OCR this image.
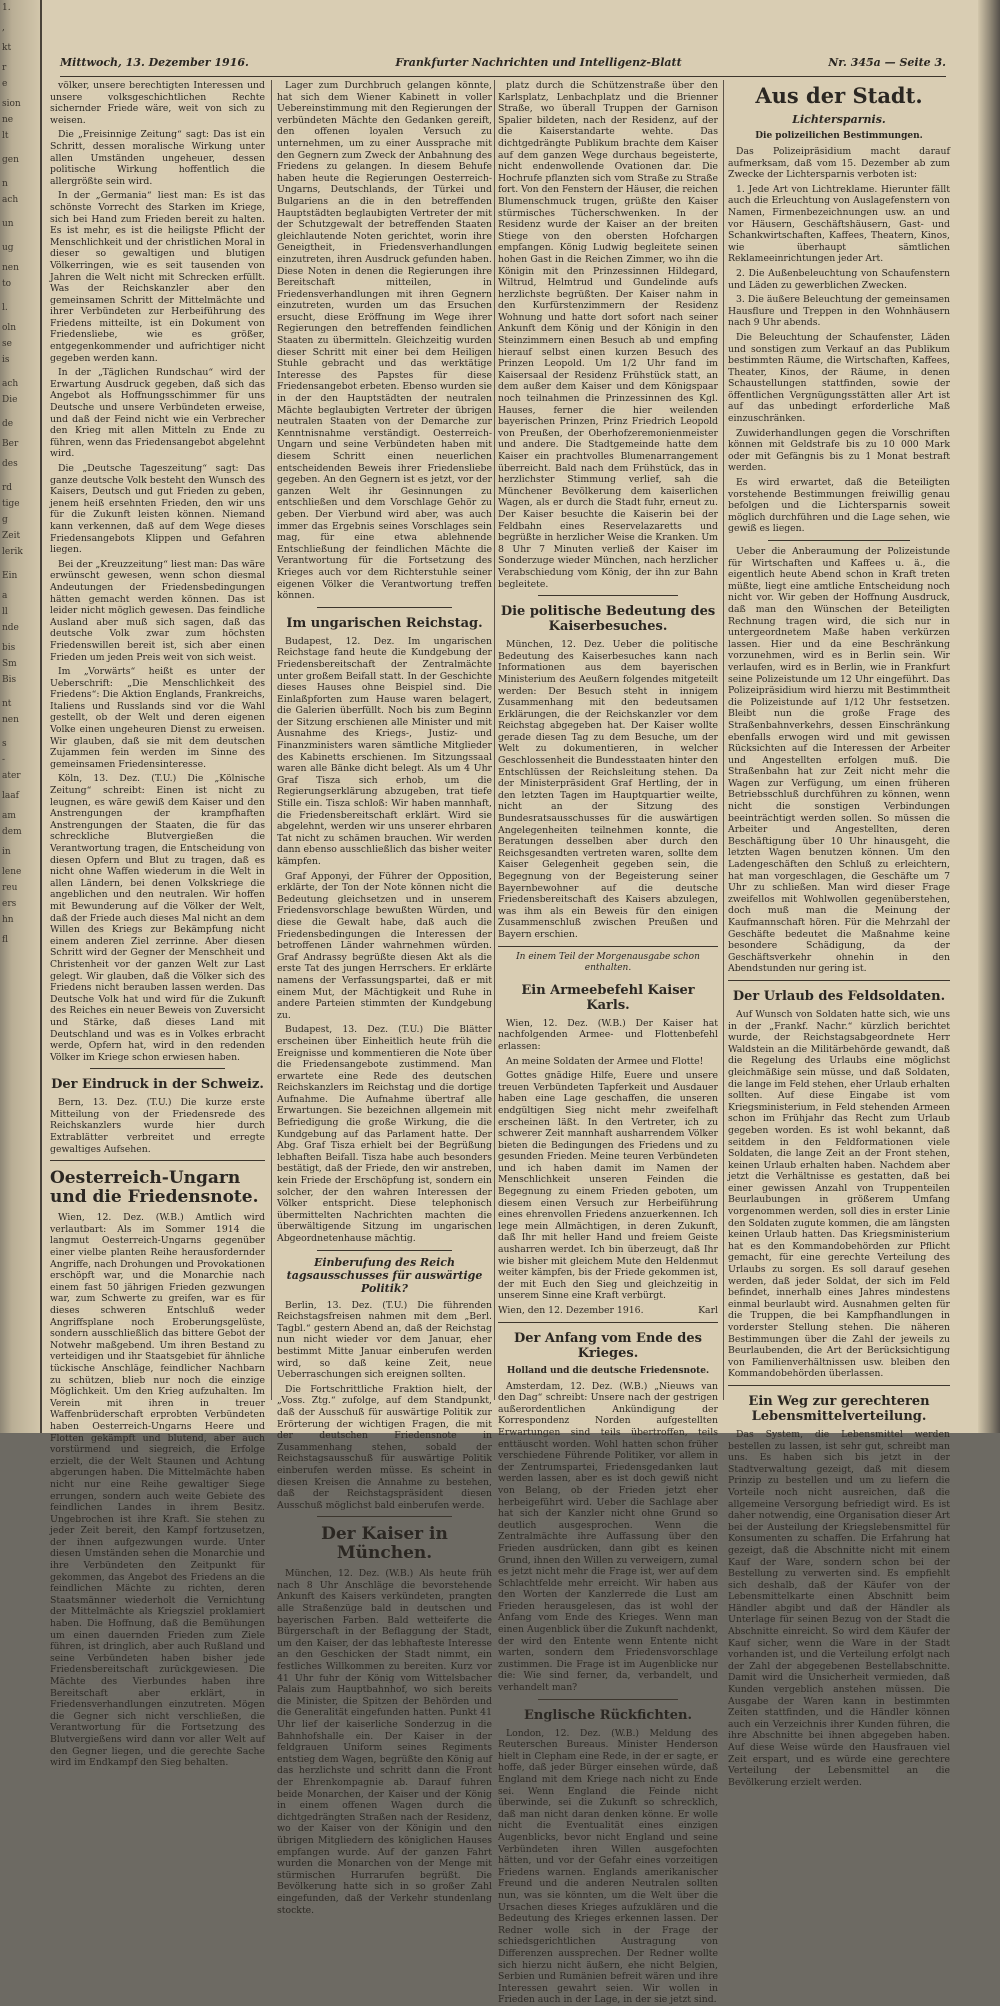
1.
,
kt
r
e
sion
ne
lt
gen
n
ach
un
ug
nen
to
l.
oln
se
is
ach
Die
de
Ber
des
rd
tige
g
Zeit
lerik
Ein
a
ll
nde
bis
Sm
Bis
nt
nen
s
-
ater
laaf
am
dem
in
lene
reu
ers
hn
fl
Mittwoch, 13. Dezember 1916.	Frankfurter Nachrichten und Intelligenz-Blatt	Nr. 345a — Seite 3.

völker, unsere berechtigten Interessen und unsere volksgeschichtlichen Rechte sichernder Friede wäre, weit von sich zu weisen.

Die „Freisinnige Zeitung“ sagt: Das ist ein Schritt, dessen moralische Wirkung unter allen Umständen ungeheuer, dessen politische Wirkung hoffentlich die allergrößte sein wird.

In der „Germania“ liest man: Es ist das schönste Vorrecht des Starken im Kriege, sich bei Hand zum Frieden bereit zu halten. Es ist mehr, es ist die heiligste Pflicht der Menschlichkeit und der christlichen Moral in dieser so gewaltigen und blutigen Völkerringen, wie es seit tausenden von Jahren die Welt nicht mit Schrecken erfüllt. Was der Reichskanzler aber den gemeinsamen Schritt der Mittelmächte und ihrer Verbündeten zur Herbeiführung des Friedens mitteilte, ist ein Dokument von Friedensliebe, wie es größer, entgegenkommender und aufrichtiger nicht gegeben werden kann.

In der „Täglichen Rundschau“ wird der Erwartung Ausdruck gegeben, daß sich das Angebot als Hoffnungsschimmer für uns Deutsche und unsere Verbündeten erweise, und daß der Feind nicht wie ein Verbrecher den Krieg mit allen Mitteln zu Ende zu führen, wenn das Friedensangebot abgelehnt wird.

Die „Deutsche Tageszeitung“ sagt: Das ganze deutsche Volk besteht den Wunsch des Kaisers, Deutsch und gut Frieden zu geben, jenem heiß ersehnten Frieden, den wir uns für die Zukunft leisten können. Niemand kann verkennen, daß auf dem Wege dieses Friedensangebots Klippen und Gefahren liegen.

Bei der „Kreuzzeitung“ liest man: Das wäre erwünscht gewesen, wenn schon diesmal Andeutungen der Friedensbedingungen hätten gemacht werden können. Das ist leider nicht möglich gewesen. Das feindliche Ausland aber muß sich sagen, daß das deutsche Volk zwar zum höchsten Friedenswillen bereit ist, sich aber einen Frieden um jeden Preis weit von sich weist.

Im „Vorwärts“ heißt es unter der Ueberschrift: „Die Menschlichkeit des Friedens“: Die Aktion Englands, Frankreichs, Italiens und Russlands sind vor die Wahl gestellt, ob der Welt und deren eigenen Volke einen ungeheuren Dienst zu erweisen. Wir glauben, daß sie mit dem deutschen Zujammen fein werden im Sinne des gemeinsamen Friedensinteresse.

Köln, 13. Dez. (T.U.) Die „Kölnische Zeitung“ schreibt: Einen ist nicht zu leugnen, es wäre gewiß dem Kaiser und den Anstrengungen der krampfhaften Anstrengungen der Staaten, die für das schreckliche Blutvergießen die Verantwortung tragen, die Entscheidung von diesen Opfern und Blut zu tragen, daß es nicht ohne Waffen wiederum in die Welt in allen Ländern, bei denen Volkskriege die angeblichen und den neutralen. Wir hoffen mit Bewunderung auf die Völker der Welt, daß der Friede auch dieses Mal nicht an dem Willen des Kriegs zur Bekämpfung nicht einem anderen Ziel zerrinne. Aber diesen Schritt wird der Gegner der Menschheit und Christenheit vor der ganzen Welt zur Last gelegt. Wir glauben, daß die Völker sich des Friedens nicht berauben lassen werden. Das Deutsche Volk hat und wird für die Zukunft des Reiches ein neuer Beweis von Zuversicht und Stärke, daß dieses Land mit Deutschland und was es in Volkes erbracht werde, Opfern hat, wird in den redenden Völker im Kriege schon erwiesen haben.

Der Eindruck in der Schweiz.

Bern, 13. Dez. (T.U.) Die kurze erste Mitteilung von der Friedensrede des Reichskanzlers wurde hier durch Extrablätter verbreitet und erregte gewaltiges Aufsehen.

Oesterreich-Ungarn und die Friedensnote.

Wien, 12. Dez. (W.B.) Amtlich wird verlautbart: Als im Sommer 1914 die langmut Oesterreich-Ungarns gegenüber einer vielbe planten Reihe herausfordernder Angriffe, nach Drohungen und Provokationen erschöpft war, und die Monarchie nach einem fast 50 jährigen Frieden gezwungen war, zum Schwerte zu greifen, war es für dieses schweren Entschluß weder Angriffsplane noch Eroberungsgelüste, sondern ausschließlich das bittere Gebot der Notwehr maßgebend. Um ihren Bestand zu verteidigen und ihr Staatsgebiet für ähnliche tückische Anschläge, feindlicher Nachbarn zu schützen, blieb nur noch die einzige Möglichkeit. Um den Krieg aufzuhalten. Im Verein mit ihren in treuer Waffenbrüderschaft erprobten Verbündeten haben Oesterreich-Ungarns Heere und Flotten gekämpft und blutend, aber auch vorstürmend und siegreich, die Erfolge erzielt, die der Welt Staunen und Achtung abgerungen haben. Die Mittelmächte haben nicht nur eine Reihe gewaltiger Siege errungen, sondern auch weite Gebiete des feindlichen Landes in ihrem Besitz. Ungebrochen ist ihre Kraft. Sie stehen zu jeder Zeit bereit, den Kampf fortzusetzen, der ihnen aufgezwungen wurde. Unter diesen Umständen sehen die Monarchie und ihre Verbündeten den Zeitpunkt für gekommen, das Angebot des Friedens an die feindlichen Mächte zu richten, deren Staatsmänner wiederholt die Vernichtung der Mittelmächte als Kriegsziel proklamiert haben. Die Hoffnung, daß die Bemühungen um einen dauernden Frieden zum Ziele führen, ist dringlich, aber auch Rußland und seine Verbündeten haben bisher jede Friedensbereitschaft zurückgewiesen. Die Mächte des Vierbundes haben ihre Bereitschaft aber erklärt, in Friedensverhandlungen einzutreten. Mögen die Gegner sich nicht verschließen, die Verantwortung für die Fortsetzung des Blutvergießens wird dann vor aller Welt auf den Gegner liegen, und die gerechte Sache wird im Endkampf den Sieg behalten.

Lager zum Durchbruch gelangen könnte, hat sich dem Wiener Kabinett in voller Uebereinstimmung mit den Regierungen der verbündeten Mächte den Gedanken gereift, den offenen loyalen Versuch zu unternehmen, um zu einer Aussprache mit den Gegnern zum Zweck der Anbahnung des Friedens zu gelangen. In diesem Behufe haben heute die Regierungen Oesterreich-Ungarns, Deutschlands, der Türkei und Bulgariens an die in den betreffenden Hauptstädten beglaubigten Vertreter der mit der Schutzgewalt der betreffenden Staaten gleichlautende Noten gerichtet, worin ihre Geneigtheit, in Friedensverhandlungen einzutreten, ihren Ausdruck gefunden haben. Diese Noten in denen die Regierungen ihre Bereitschaft mitteilen, in Friedensverhandlungen mit ihren Gegnern einzutreten, wurden um das Ersuchen ersucht, diese Eröffnung im Wege ihrer Regierungen den betreffenden feindlichen Staaten zu übermitteln. Gleichzeitig wurden dieser Schritt mit einer bei dem Heiligen Stuhle gebracht und das werktätige Interesse des Papstes für diese Friedensangebot erbeten. Ebenso wurden sie in der den Hauptstädten der neutralen Mächte beglaubigten Vertreter der übrigen neutralen Staaten von der Demarche zur Kenntnisnahme verständigt. Oesterreich-Ungarn und seine Verbündeten haben mit diesem Schritt einen neuerlichen entscheidenden Beweis ihrer Friedensliebe gegeben. An den Gegnern ist es jetzt, vor der ganzen Welt ihr Gesinnungen zu entschließen und dem Vorschlage Gehör zu geben. Der Vierbund wird aber, was auch immer das Ergebnis seines Vorschlages sein mag, für eine etwa ablehnende Entschließung der feindlichen Mächte die Verantwortung für die Fortsetzung des Krieges auch vor dem Richterstuhle seiner eigenen Völker die Verantwortung treffen können.

Im ungarischen Reichstag.

Budapest, 12. Dez. Im ungarischen Reichstage fand heute die Kundgebung der Friedensbereitschaft der Zentralmächte unter großem Beifall statt. In der Geschichte dieses Hauses ohne Beispiel sind. Die Einlaßpforten zum Hause waren belagert, die Galerien überfüllt. Noch bis zum Beginn der Sitzung erschienen alle Minister und mit Ausnahme des Kriegs-, Justiz- und Finanzministers waren sämtliche Mitglieder des Kabinetts erschienen. Im Sitzungssaal waren alle Bänke dicht belegt. Als um 4 Uhr Graf Tisza sich erhob, um die Regierungserklärung abzugeben, trat tiefe Stille ein. Tisza schloß: Wir haben mannhaft, die Friedensbereitschaft erklärt. Wird sie abgelehnt, werden wir uns unserer ehrbaren Tat nicht zu schämen brauchen. Wir werden dann ebenso ausschließlich das bisher weiter kämpfen.

Graf Apponyi, der Führer der Opposition, erklärte, der Ton der Note können nicht die Bedeutung gleichsetzen und in unserem Friedensvorschlage bewußten Würden, und diese die Gewalt habe, daß auch die Friedensbedingungen die Interessen der betroffenen Länder wahrnehmen würden. Graf Andrassy begrüßte diesen Akt als die erste Tat des jungen Herrschers. Er erklärte namens der Verfassungspartei, daß er mit einem Mut, der Mächtigkeit und Ruhe in andere Parteien stimmten der Kundgebung zu.

Budapest, 13. Dez. (T.U.) Die Blätter erscheinen über Einheitlich heute früh die Ereignisse und kommentieren die Note über die Friedensangebote zustimmend. Man erwartete eine Rede des deutschen Reichskanzlers im Reichstag und die dortige Aufnahme. Die Aufnahme übertraf alle Erwartungen. Sie bezeichnen allgemein mit Befriedigung die große Wirkung, die die Kundgebung auf das Parlament hatte. Der Abg. Graf Tisza erhielt bei der Begrüßung lebhaften Beifall. Tisza habe auch besonders bestätigt, daß der Friede, den wir anstreben, kein Friede der Erschöpfung ist, sondern ein solcher, der den wahren Interessen der Völker entspricht. Diese telephonisch übermittelten Nachrichten machten die überwältigende Sitzung im ungarischen Abgeordnetenhause mächtig.

Einberufung des Reich tagsausschusses für auswärtige Politik?

Berlin, 13. Dez. (T.U.) Die führenden Reichstagsfreisen nahmen mit dem „Berl. Tagbl.“ gestern Abend an, daß der Reichstag nun nicht wieder vor dem Januar, eher bestimmt Mitte Januar einberufen werden wird, so daß keine Zeit, neue Ueberraschungen sich ereignen sollten.

Die Fortschrittliche Fraktion hielt, der „Voss. Ztg.“ zufolge, auf dem Standpunkt, daß der Ausschuß für auswärtige Politik zur Erörterung der wichtigen Fragen, die mit der deutschen Friedensnote in Zusammenhang stehen, sobald der Reichstagsausschuß für auswärtige Politik einberufen werden müsse. Es scheint in diesen Kreisen die Annahme zu bestehen, daß der Reichstagspräsident diesen Ausschuß möglichst bald einberufen werde.

Der Kaiser in München.

München, 12. Dez. (W.B.) Als heute früh nach 8 Uhr Anschläge die bevorstehende Ankunft des Kaisers verkündeten, prangten alle Straßenzüge bald in deutschen und bayerischen Farben. Bald wetteiferte die Bürgerschaft in der Beflaggung der Stadt, um den Kaiser, der das lebhafteste Interesse an den Geschicken der Stadt nimmt, ein festliches Willkommen zu bereiten. Kurz vor 41 Uhr fuhr der König vom Wittelsbacher Palais zum Hauptbahnhof, wo sich bereits die Minister, die Spitzen der Behörden und die Generalität eingefunden hatten. Punkt 41 Uhr lief der kaiserliche Sonderzug in die Bahnhofshalle ein. Der Kaiser in der feldgrauen Uniform seines Regiments entstieg dem Wagen, begrüßte den König auf das herzlichste und schritt dann die Front der Ehrenkompagnie ab. Darauf fuhren beide Monarchen, der Kaiser und der König in einem offenen Wagen durch die dichtgedrängten Straßen nach der Residenz, wo der Kaiser von der Königin und den übrigen Mitgliedern des königlichen Hauses empfangen wurde. Auf der ganzen Fahrt wurden die Monarchen von der Menge mit stürmischen Hurrarufen begrüßt. Die Bevölkerung hatte sich in so großer Zahl eingefunden, daß der Verkehr stundenlang stockte.

platz durch die Schützenstraße über den Karlsplatz, Lenbachplatz und die Brienner Straße, wo überall Truppen der Garnison Spalier bildeten, nach der Residenz, auf der die Kaiserstandarte wehte. Das dichtgedrängte Publikum brachte dem Kaiser auf dem ganzen Wege durchaus begeisterte, nicht endenwollende Ovationen dar. Die Hochrufe pflanzten sich vom Straße zu Straße fort. Von den Fenstern der Häuser, die reichen Blumenschmuck trugen, grüßte den Kaiser stürmisches Tücherschwenken. In der Residenz wurde der Kaiser an der breiten Stiege von den obersten Hofchargen empfangen. König Ludwig begleitete seinen hohen Gast in die Reichen Zimmer, wo ihn die Königin mit den Prinzessinnen Hildegard, Wiltrud, Helmtrud und Gundelinde aufs herzlichste begrüßten. Der Kaiser nahm in den Kurfürstenzimmern der Residenz Wohnung und hatte dort sofort nach seiner Ankunft dem König und der Königin in den Steinzimmern einen Besuch ab und empfing hierauf selbst einen kurzen Besuch des Prinzen Leopold. Um 1/2 Uhr fand im Kaisersaal der Residenz Frühstück statt, an dem außer dem Kaiser und dem Königspaar noch teilnahmen die Prinzessinnen des Kgl. Hauses, ferner die hier weilenden bayerischen Prinzen, Prinz Friedrich Leopold von Preußen, der Oberhofzeremonienmeister und andere. Die Stadtgemeinde hatte dem Kaiser ein prachtvolles Blumenarrangement überreicht. Bald nach dem Frühstück, das in herzlichster Stimmung verlief, sah die Münchener Bevölkerung dem kaiserlichen Wagen, als er durch die Stadt fuhr, erneut zu. Der Kaiser besuchte die Kaiserin bei der Feldbahn eines Reservelazaretts und begrüßte in herzlicher Weise die Kranken. Um 8 Uhr 7 Minuten verließ der Kaiser im Sonderzuge wieder München, nach herzlicher Verabschiedung vom König, der ihn zur Bahn begleitete.

Die politische Bedeutung des Kaiserbesuches.

München, 12. Dez. Ueber die politische Bedeutung des Kaiserbesuches kann nach Informationen aus dem bayerischen Ministerium des Aeußern folgendes mitgeteilt werden: Der Besuch steht in innigem Zusammenhang mit den bedeutsamen Erklärungen, die der Reichskanzler vor dem Reichstag abgegeben hat. Der Kaiser wollte gerade diesen Tag zu dem Besuche, um der Welt zu dokumentieren, in welcher Geschlossenheit die Bundesstaaten hinter den Entschlüssen der Reichsleitung stehen. Da der Ministerpräsident Graf Hertling, der in den letzten Tagen im Hauptquartier weilte, nicht an der Sitzung des Bundesratsausschusses für die auswärtigen Angelegenheiten teilnehmen konnte, die Beratungen desselben aber durch den Reichsgesandten vertreten waren, sollte dem Kaiser Gelegenheit gegeben sein, die Begegnung von der Begeisterung seiner Bayernbewohner auf die deutsche Friedensbereitschaft des Kaisers abzulegen, was ihm als ein Beweis für den einigen Zusammenschluß zwischen Preußen und Bayern erschien.

In einem Teil der Morgenausgabe schon enthalten.
Ein Armeebefehl Kaiser Karls.

Wien, 12. Dez. (W.B.) Der Kaiser hat nachfolgenden Armee- und Flottenbefehl erlassen:

An meine Soldaten der Armee und Flotte!

Gottes gnädige Hilfe, Euere und unsere treuen Verbündeten Tapferkeit und Ausdauer haben eine Lage geschaffen, die unseren endgültigen Sieg nicht mehr zweifelhaft erscheinen läßt. In den Vertreter, ich zu schwerer Zeit mannhaft ausharrendem Völker bieten die Bedingungen des Friedens und zu gesunden Frieden. Meine teuren Verbündeten und ich haben damit im Namen der Menschlichkeit unseren Feinden die Begegnung zu einem Frieden geboten, um diesem einen Versuch zur Herbeiführung eines ehrenvollen Friedens anzuerkennen. Ich lege mein Allmächtigen, in deren Zukunft, daß Ihr mit heller Hand und freiem Geiste ausharren werdet. Ich bin überzeugt, daß Ihr wie bisher mit gleichem Mute den Heldenmut weiter kämpfen, bis der Friede gekommen ist, der mit Euch den Sieg und gleichzeitig in unserem Sinne eine Kraft verbürgt.

Wien, den 12. Dezember 1916.	Karl
Der Anfang vom Ende des Krieges.
Holland und die deutsche Friedensnote.

Amsterdam, 12. Dez. (W.B.) „Nieuws van den Dag“ schreibt: Unsere nach der gestrigen außerordentlichen Ankündigung der Korrespondenz Norden aufgestellten Erwartungen sind teils übertroffen, teils enttäuscht worden. Wohl hatten schon früher verschiedene Führende Politiker, vor allem in der Zentrumspartei, Friedensgedanken laut werden lassen, aber es ist doch gewiß nicht von Belang, ob der Frieden jetzt eher herbeigeführt wird. Ueber die Sachlage aber hat sich der Kanzler nicht ohne Grund so deutlich ausgesprochen. Wenn die Zentralmächte ihre Auffassung über den Frieden ausdrücken, dann gibt es keinen Grund, ihnen den Willen zu verweigern, zumal es jetzt nicht mehr die Frage ist, wer auf dem Schlachtfelde mehr erreicht. Wir haben aus den Worten der Kanzlerrede die Lust am Frieden herausgelesen, das ist wohl der Anfang vom Ende des Krieges. Wenn man einen Augenblick über die Zukunft nachdenkt, der wird den Entente wenn Entente nicht warten, sondern dem Friedensvorschlage zustimmen. Die Frage ist im Augenblicke nur die: Wie sind ferner, da, verbandelt, und verhandelt man?

Englische Rückfichten.

London, 12. Dez. (W.B.) Meldung des Reuterschen Bureaus. Minister Henderson hielt in Clepham eine Rede, in der er sagte, er hoffe, daß jeder Bürger einsehen würde, daß England mit dem Kriege nach nicht zu Ende sei. Wenn England die Feinde nicht überwinde, sei die Zukunft so schrecklich, daß man nicht daran denken könne. Er wolle nicht die Eventualität eines einzigen Augenblicks, bevor nicht England und seine Verbündeten ihren Willen ausgefochten hätten, und vor der Gefahr eines vorzeitigen Friedens warnen. Englands amerikanischer Freund und die anderen Neutralen sollten nun, was sie könnten, um die Welt über die Ursachen dieses Krieges aufzuklären und die Bedeutung des Krieges erkennen lassen. Der Redner wolle sich in der Frage der schiedsgerichtlichen Austragung von Differenzen aussprechen. Der Redner wollte sich hierzu nicht äußern, ehe nicht Belgien, Serbien und Rumänien befreit wären und ihre Interessen gewahrt seien. Wir wollen in Frieden auch in der Lage, in der sie jetzt sind.

Aus der Stadt.
Lichtersparnis.
Die polizeilichen Bestimmungen.

Das Polizeipräsidium macht darauf aufmerksam, daß vom 15. Dezember ab zum Zwecke der Lichtersparnis verboten ist:

1. Jede Art von Lichtreklame. Hierunter fällt auch die Erleuchtung von Auslagefenstern von Namen, Firmenbezeichnungen usw. an und vor Häusern, Geschäftshäusern, Gast- und Schankwirtschaften, Kaffees, Theatern, Kinos, wie überhaupt sämtlichen Reklameeinrichtungen jeder Art.

2. Die Außenbeleuchtung von Schaufenstern und Läden zu gewerblichen Zwecken.

3. Die äußere Beleuchtung der gemeinsamen Hausflure und Treppen in den Wohnhäusern nach 9 Uhr abends.

Die Beleuchtung der Schaufenster, Läden und sonstigen zum Verkauf an das Publikum bestimmten Räume, die Wirtschaften, Kaffees, Theater, Kinos, der Räume, in denen Schaustellungen stattfinden, sowie der öffentlichen Vergnügungsstätten aller Art ist auf das unbedingt erforderliche Maß einzuschränken.

Zuwiderhandlungen gegen die Vorschriften können mit Geldstrafe bis zu 10 000 Mark oder mit Gefängnis bis zu 1 Monat bestraft werden.

Es wird erwartet, daß die Beteiligten vorstehende Bestimmungen freiwillig genau befolgen und die Lichtersparnis soweit möglich durchführen und die Lage sehen, wie gewiß es liegen.

Ueber die Anberaumung der Polizeistunde für Wirtschaften und Kaffees u. ä., die eigentlich heute Abend schon in Kraft treten müßte, liegt eine amtliche Entscheidung noch nicht vor. Wir geben der Hoffnung Ausdruck, daß man den Wünschen der Beteiligten Rechnung tragen wird, die sich nur in untergeordnetem Maße haben verkürzen lassen. Hier und da eine Beschränkung vorzunehmen, wird es in Berlin sein. Wir verlaufen, wird es in Berlin, wie in Frankfurt seine Polizeistunde um 12 Uhr eingeführt. Das Polizeipräsidium wird hierzu mit Bestimmtheit die Polizeistunde auf 1/12 Uhr festsetzen. Bleibt nun die große Frage des Straßenbahnverkehrs, dessen Einschränkung ebenfalls erwogen wird und mit gewissen Rücksichten auf die Interessen der Arbeiter und Angestellten erfolgen muß. Die Straßenbahn hat zur Zeit nicht mehr die Wagen zur Verfügung, um einen früheren Betriebsschluß durchführen zu können, wenn nicht die sonstigen Verbindungen beeinträchtigt werden sollen. So müssen die Arbeiter und Angestellten, deren Beschäftigung über 10 Uhr hinausgeht, die letzten Wagen benutzen können. Um den Ladengeschäften den Schluß zu erleichtern, hat man vorgeschlagen, die Geschäfte um 7 Uhr zu schließen. Man wird dieser Frage zweifellos mit Wohlwollen gegenüberstehen, doch muß man die Meinung der Kaufmannschaft hören. Für die Mehrzahl der Geschäfte bedeutet die Maßnahme keine besondere Schädigung, da der Geschäftsverkehr ohnehin in den Abendstunden nur gering ist.

Der Urlaub des Feldsoldaten.

Auf Wunsch von Soldaten hatte sich, wie uns in der „Frankf. Nachr.“ kürzlich berichtet wurde, der Reichstagsabgeordnete Herr Waldstein an die Militärbehörde gewandt, daß die Regelung des Urlaubs eine möglichst gleichmäßige sein müsse, und daß Soldaten, die lange im Feld stehen, eher Urlaub erhalten sollten. Auf diese Eingabe ist vom Kriegsministerium, in Feld stehenden Armeen schon im Frühjahr das Recht zum Urlaub gegeben worden. Es ist wohl bekannt, daß seitdem in den Feldformationen viele Soldaten, die lange Zeit an der Front stehen, keinen Urlaub erhalten haben. Nachdem aber jetzt die Verhältnisse es gestatten, daß bei einer gewissen Anzahl von Truppenteilen Beurlaubungen in größerem Umfang vorgenommen werden, soll dies in erster Linie den Soldaten zugute kommen, die am längsten keinen Urlaub hatten. Das Kriegsministerium hat es den Kommandobehörden zur Pflicht gemacht, für eine gerechte Verteilung des Urlaubs zu sorgen. Es soll darauf gesehen werden, daß jeder Soldat, der sich im Feld befindet, innerhalb eines Jahres mindestens einmal beurlaubt wird. Ausnahmen gelten für die Truppen, die bei Kampfhandlungen in vorderster Stellung stehen. Die näheren Bestimmungen über die Zahl der jeweils zu Beurlaubenden, die Art der Berücksichtigung von Familienverhältnissen usw. bleiben den Kommandobehörden überlassen.

Ein Weg zur gerechteren Lebensmittelverteilung.

Das System, die Lebensmittel werden bestellen zu lassen, ist sehr gut, schreibt man uns. Es haben sich bis jetzt in der Stadtverwaltung gezeigt, daß mit diesem Prinzip zu bestellen und um zu liefern die Vorteile noch nicht ausreichen, daß die allgemeine Versorgung befriedigt wird. Es ist daher notwendig, eine Organisation dieser Art bei der Austeilung der Kriegslebensmittel für Konsumenten zu schaffen. Die Erfahrung hat gezeigt, daß die Abschnitte nicht mit einem Kauf der Ware, sondern schon bei der Bestellung zu verwerten sind. Es empfiehlt sich deshalb, daß der Käufer von der Lebensmittelkarte einen Abschnitt beim Händler abgibt und daß der Händler als Unterlage für seinen Bezug von der Stadt die Abschnitte einreicht. So wird dem Käufer der Kauf sicher, wenn die Ware in der Stadt vorhanden ist, und die Verteilung erfolgt nach der Zahl der abgegebenen Bestellabschnitte. Damit wird die Unsicherheit vermieden, daß Kunden vergeblich anstehen müssen. Die Ausgabe der Waren kann in bestimmten Zeiten stattfinden, und die Händler können auch ein Verzeichnis ihrer Kunden führen, die ihre Abschnitte bei ihnen abgegeben haben. Auf diese Weise würde den Hausfrauen viel Zeit erspart, und es würde eine gerechtere Verteilung der Lebensmittel an die Bevölkerung erzielt werden.
